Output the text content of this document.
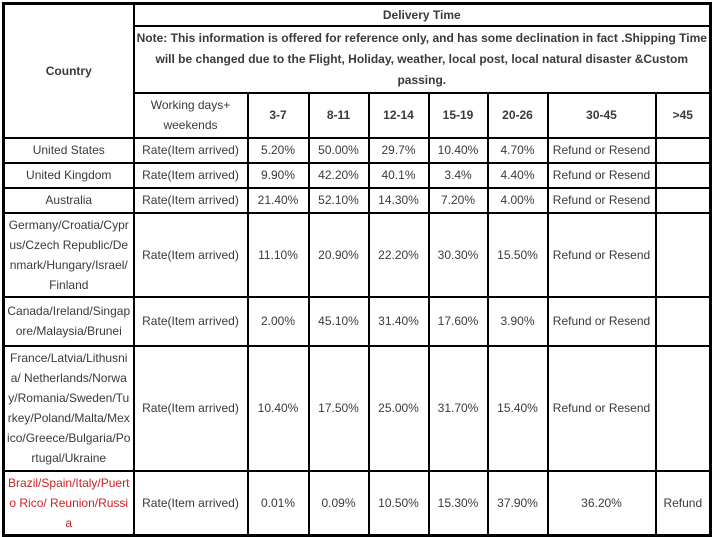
Country	Delivery Time							
	Note: This information is offered for reference only, and has some declination in fact .Shipping Time will be changed due to the Flight, Holiday, weather, local post, local natural disaster &Custom passing.							
	Working days+ weekends	3-7	8-11	12-14	15-19	20-26	30-45	>45
United States	Rate(Item arrived)	5.20%	50.00%	29.7%	10.40%	4.70%	Refund or Resend	
United Kingdom	Rate(Item arrived)	9.90%	42.20%	40.1%	3.4%	4.40%	Refund or Resend	
Australia	Rate(Item arrived)	21.40%	52.10%	14.30%	7.20%	4.00%	Refund or Resend	
Germany/Croatia/Cyprus/Czech Republic/Denmark/Hungary/Israel/Finland	Rate(Item arrived)	11.10%	20.90%	22.20%	30.30%	15.50%	Refund or Resend	
Canada/Ireland/Singapore/Malaysia/Brunei	Rate(Item arrived)	2.00%	45.10%	31.40%	17.60%	3.90%	Refund or Resend	
France/Latvia/Lithusnia/ Netherlands/Norway/Romania/Sweden/Turkey/Poland/Malta/Mexico/Greece/Bulgaria/Portugal/Ukraine	Rate(Item arrived)	10.40%	17.50%	25.00%	31.70%	15.40%	Refund or Resend	
Brazil/Spain/Italy/Puerto Rico/ Reunion/Russia	Rate(Item arrived)	0.01%	0.09%	10.50%	15.30%	37.90%	36.20%	Refund
